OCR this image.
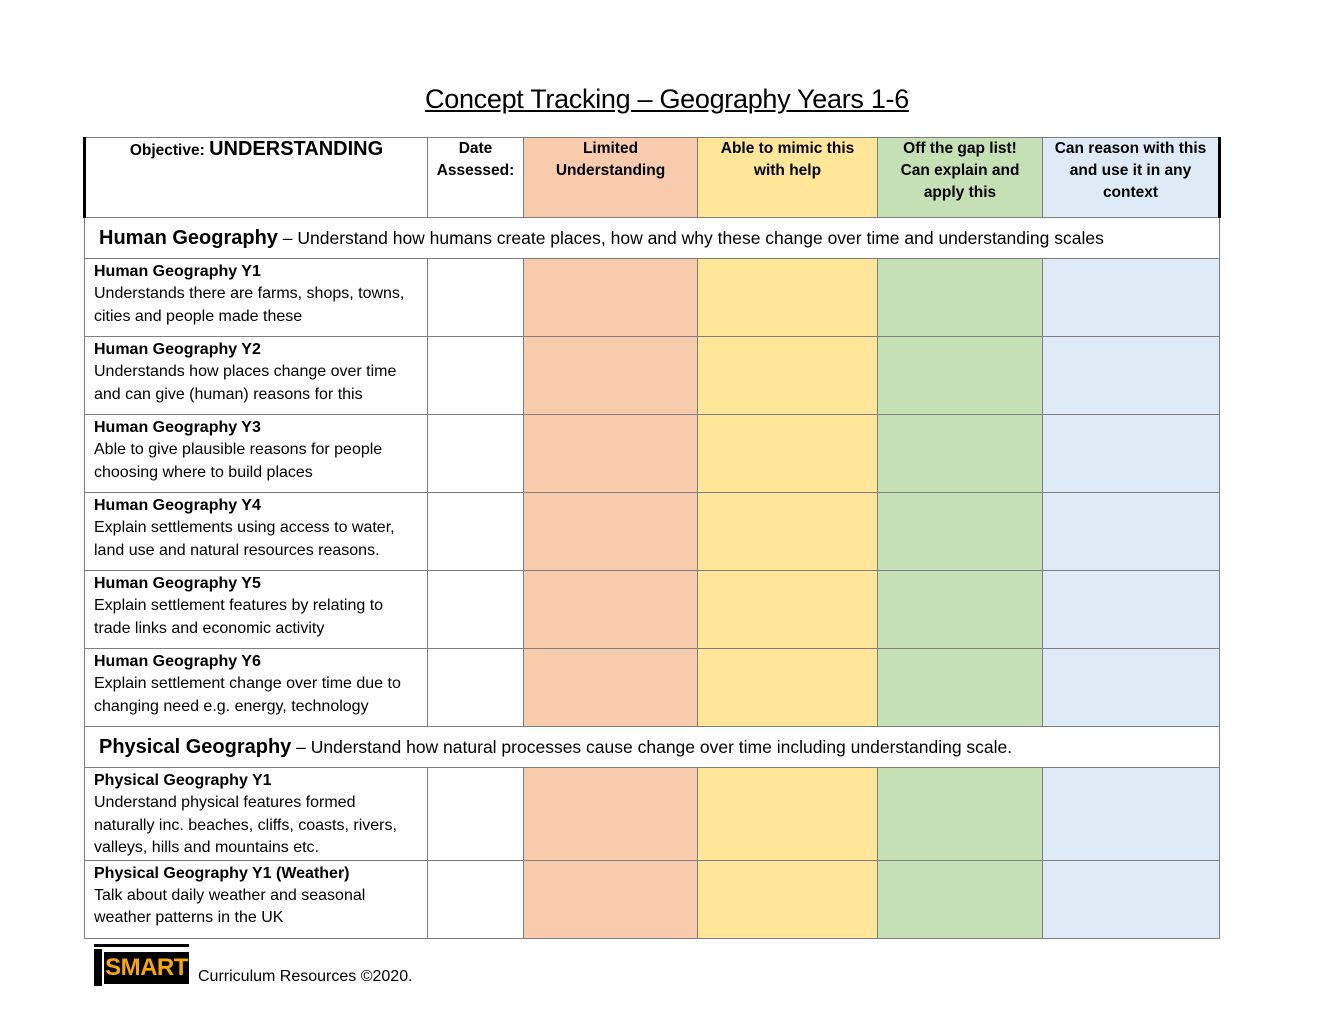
Concept Tracking – Geography Years 1-6
Objective: UNDERSTANDING	Date Assessed:	Limited Understanding	Able to mimic this with help	Off the gap list! Can explain and apply this	Can reason with this and use it in any context
Human Geography – Understand how humans create places, how and why these change over time and understanding scales					

Human Geography Y1
Understands there are farms, shops, towns, cities and people made these					

Human Geography Y2
Understands how places change over time and can give (human) reasons for this					

Human Geography Y3
Able to give plausible reasons for people choosing where to build places					

Human Geography Y4
Explain settlements using access to water, land use and natural resources reasons.					

Human Geography Y5
Explain settlement features by relating to trade links and economic activity					

Human Geography Y6
Explain settlement change over time due to changing need e.g. energy, technology					

Physical Geography – Understand how natural processes cause change over time including understanding scale.					

Physical Geography Y1
Understand physical features formed naturally inc. beaches, cliffs, coasts, rivers, valleys, hills and mountains etc.					

Physical Geography Y1 (Weather)
Talk about daily weather and seasonal weather patterns in the UK					

SMART Curriculum Resources ©2020.
